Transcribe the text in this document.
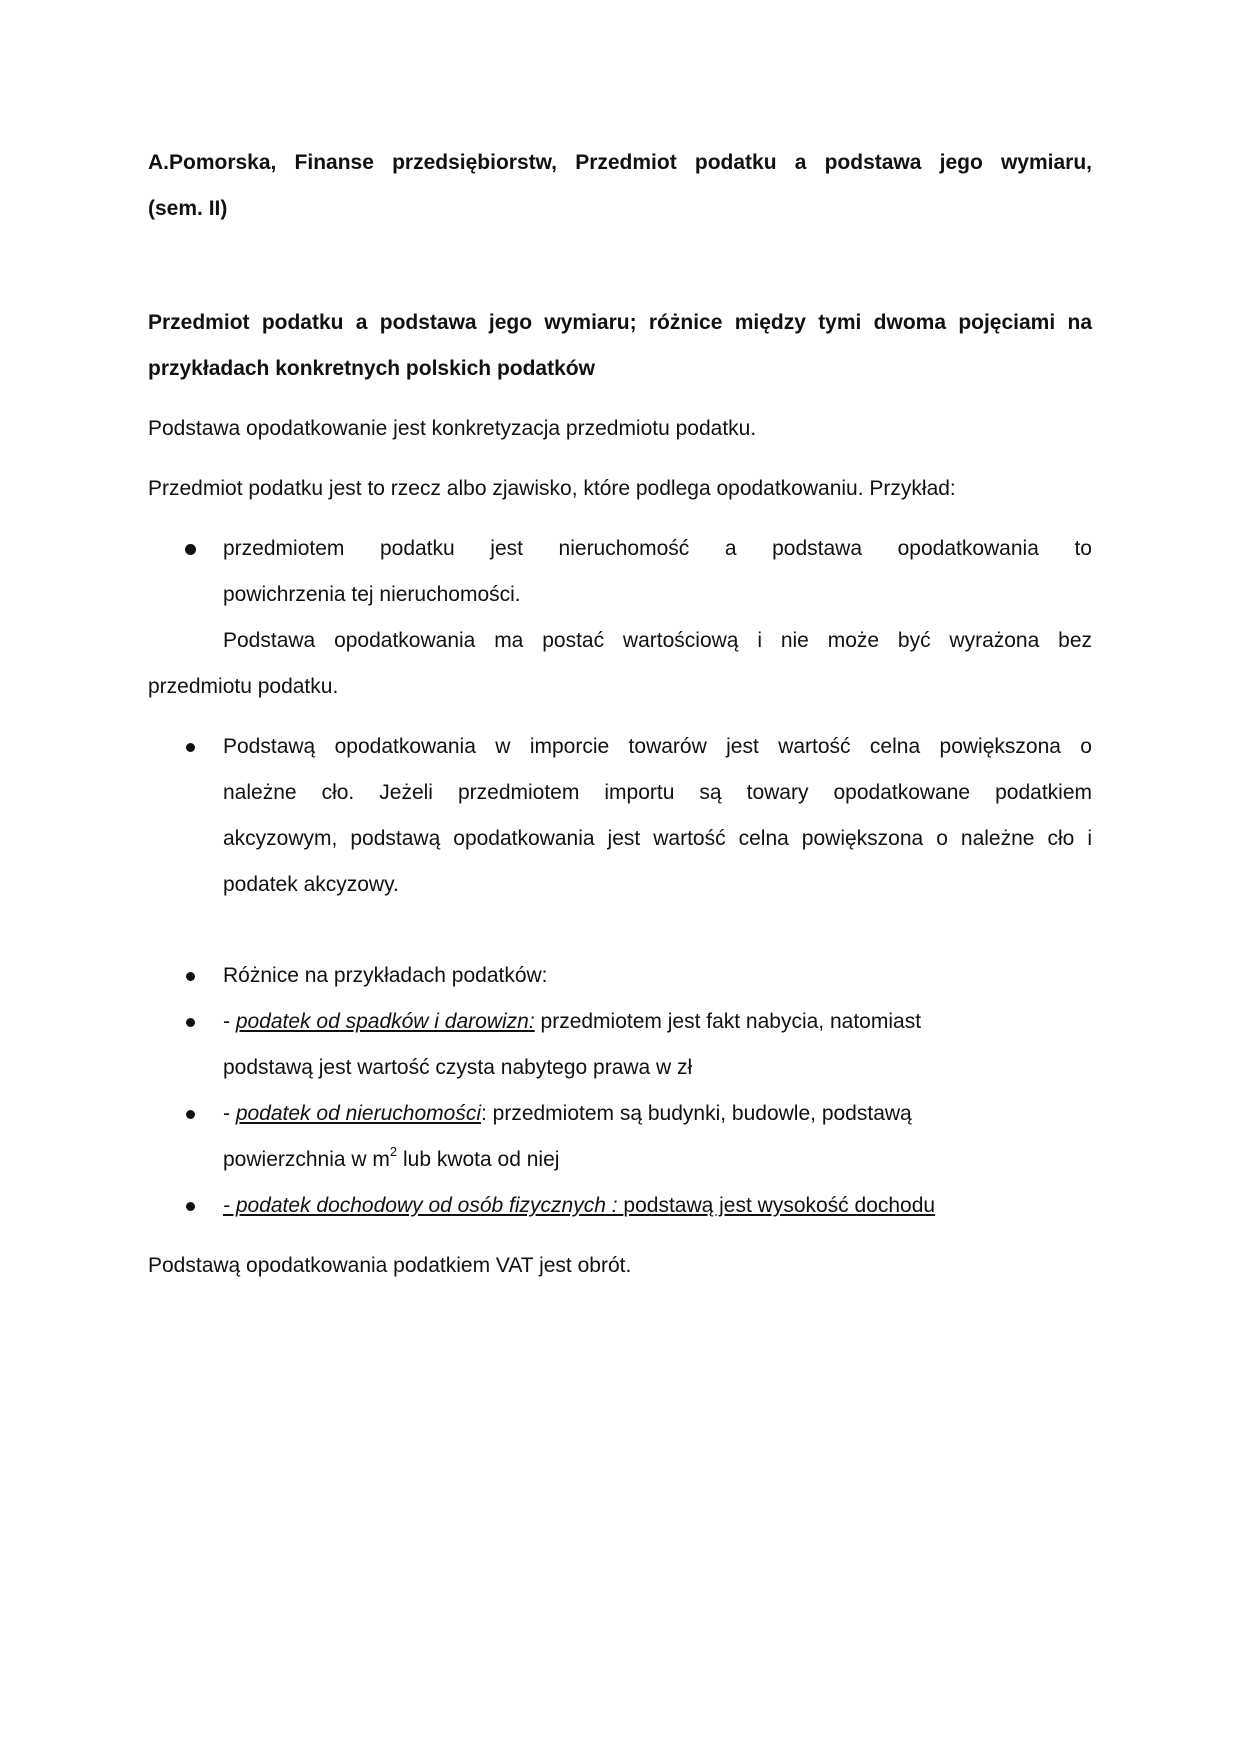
A.Pomorska, Finanse przedsiębiorstw, Przedmiot podatku a podstawa jego wymiaru,

(sem. II)

Przedmiot podatku a podstawa jego wymiaru; różnice między tymi dwoma pojęciami na

przykładach konkretnych polskich podatków

Podstawa opodatkowanie jest konkretyzacja przedmiotu podatku.

Przedmiot podatku jest to rzecz albo zjawisko, które podlega opodatkowaniu. Przykład:

przedmiotem podatku jest nieruchomość a podstawa opodatkowania to

powichrzenia tej nieruchomości.

Podstawa opodatkowania ma postać wartościową i nie może być wyrażona bez

przedmiotu podatku.

Podstawą opodatkowania w imporcie towarów jest wartość celna powiększona o

należne cło. Jeżeli przedmiotem importu są towary opodatkowane podatkiem

akcyzowym, podstawą opodatkowania jest wartość celna powiększona o należne cło i

podatek akcyzowy.

Różnice na przykładach podatków:

- podatek od spadków i darowizn: przedmiotem jest fakt nabycia, natomiast

podstawą jest wartość czysta nabytego prawa w zł

- podatek od nieruchomości: przedmiotem są budynki, budowle, podstawą

powierzchnia w $m^2$ lub kwota od niej

- podatek dochodowy od osób fizycznych : podstawą jest wysokość dochodu

Podstawą opodatkowania podatkiem VAT jest obrót.
